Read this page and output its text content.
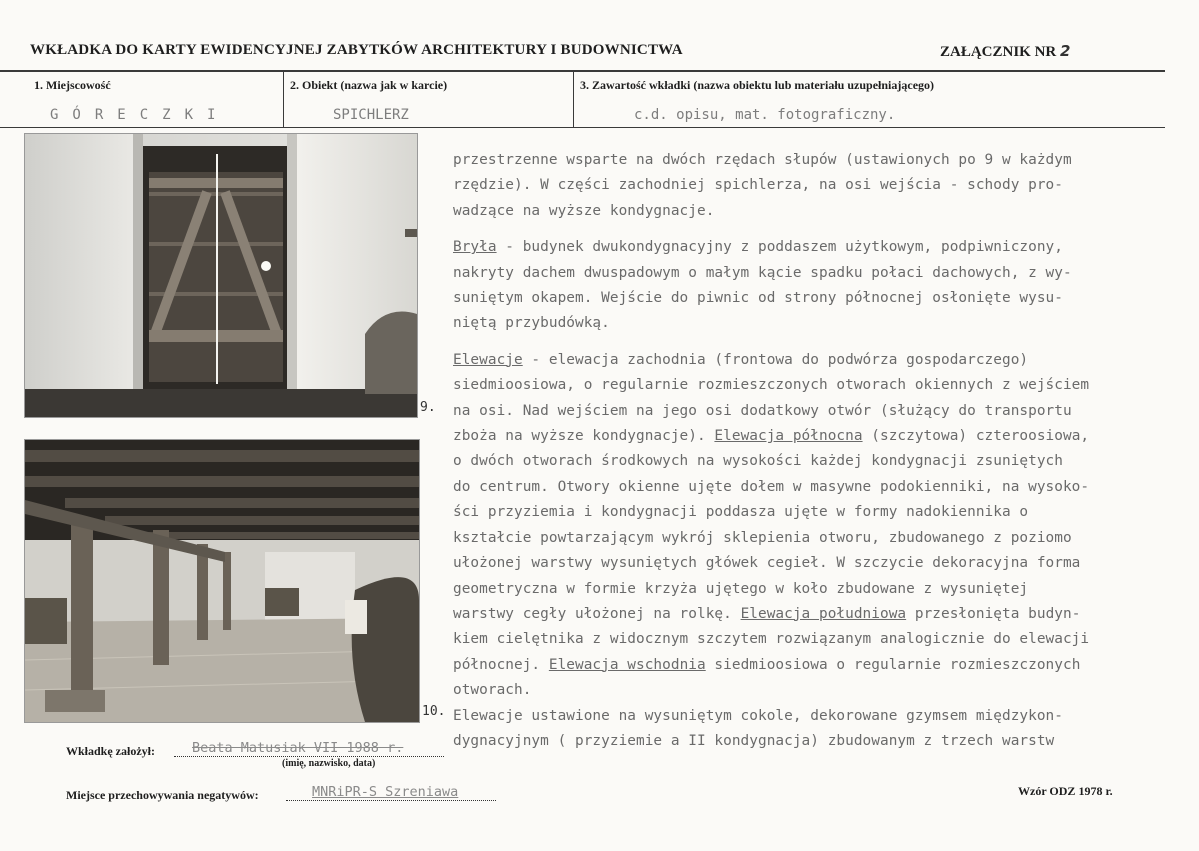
WKŁADKA DO KARTY EWIDENCYJNEJ ZABYTKÓW ARCHITEKTURY I BUDOWNICTWA	ZAŁĄCZNIK NR 2
1. Miejscowość
GÓRECZKI
2. Obiekt (nazwa jak w karcie)
SPICHLERZ
3. Zawartość wkładki (nazwa obiektu lub materiału uzupełniającego)
c.d. opisu, mat. fotograficzny.
9.
10.

przestrzenne wsparte na dwóch rzędach słupów (ustawionych po 9 w każdym
rzędzie). W części zachodniej spichlerza, na osi wejścia - schody pro-
wadzące na wyższe kondygnacje.

Bryła - budynek dwukondygnacyjny z poddaszem użytkowym, podpiwniczony,
nakryty dachem dwuspadowym o małym kącie spadku połaci dachowych, z wy-
suniętym okapem. Wejście do piwnic od strony północnej osłonięte wysu-
niętą przybudówką.

Elewacje - elewacja zachodnia (frontowa do podwórza gospodarczego)
siedmioosiowa, o regularnie rozmieszczonych otworach okiennych z wejściem
na osi. Nad wejściem na jego osi dodatkowy otwór (służący do transportu
zboża na wyższe kondygnacje). Elewacja północna (szczytowa) czteroosiowa,
o dwóch otworach środkowych na wysokości każdej kondygnacji zsuniętych
do centrum. Otwory okienne ujęte dołem w masywne podokienniki, na wysoko-
ści przyziemia i kondygnacji poddasza ujęte w formy nadokiennika o
kształcie powtarzającym wykrój sklepienia otworu, zbudowanego z poziomo
ułożonej warstwy wysuniętych główek cegieł. W szczycie dekoracyjna forma
geometryczna w formie krzyża ujętego w koło zbudowane z wysuniętej
warstwy cegły ułożonej na rolkę. Elewacja południowa przesłonięta budyn-
kiem cielętnika z widocznym szczytem rozwiązanym analogicznie do elewacji
północnej. Elewacja wschodnia siedmioosiowa o regularnie rozmieszczonych
otworach.

Elewacje ustawione na wysuniętym cokole, dekorowane gzymsem międzykon-
dygnacyjnym ( przyziemie a II kondygnacja) zbudowanym z trzech warstw

Wkładkę założył:	Beata Matusiak VII 1988 r.
(imię, nazwisko, data)
Miejsce przechowywania negatywów:	MNRiPR-S Szreniawa	Wzór ODZ 1978 r.
